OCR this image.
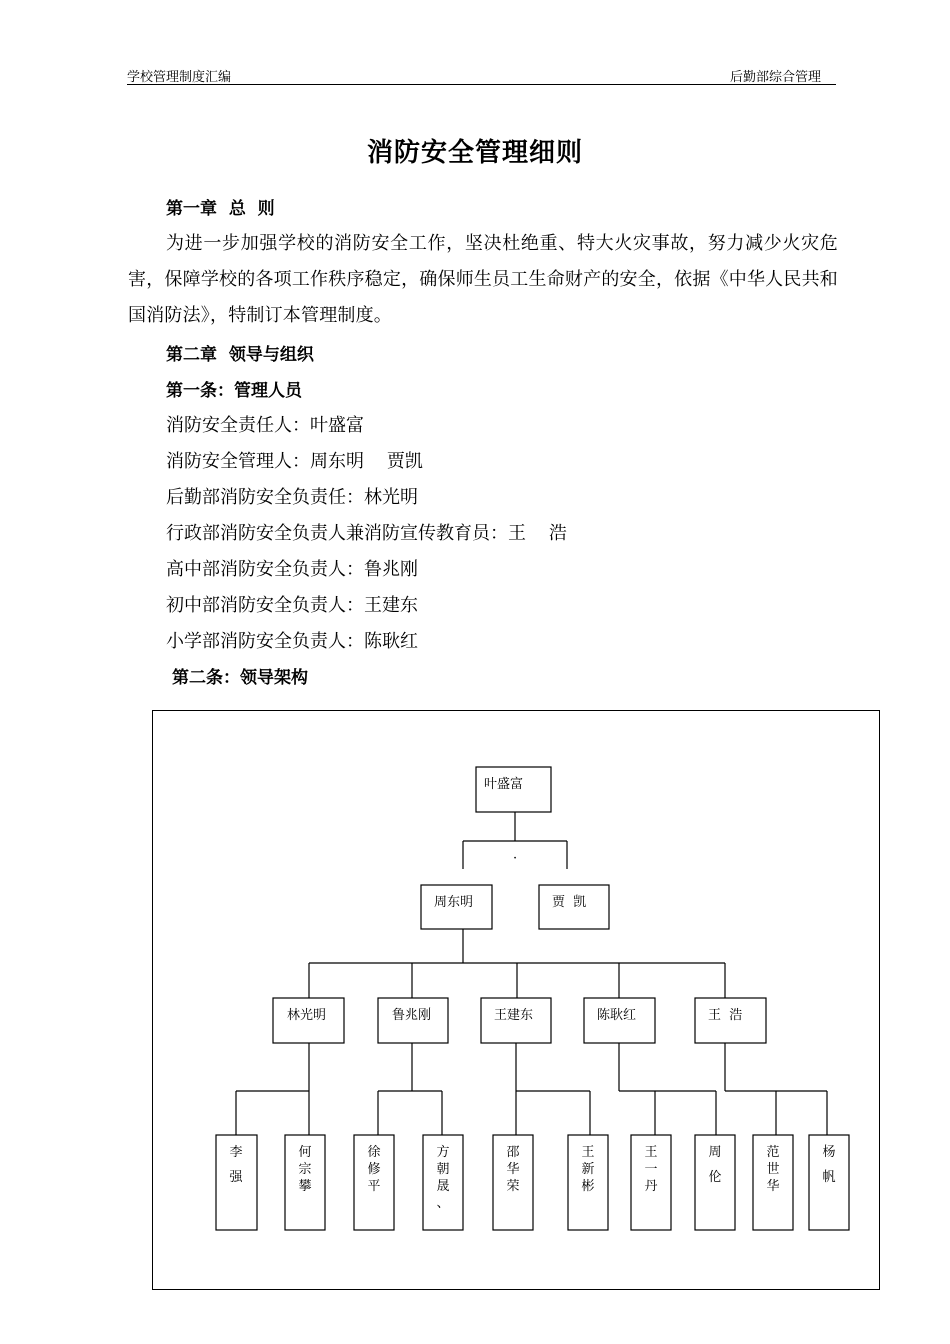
学校管理制度汇编	后勤部综合管理
消防安全管理细则
第一章  总  则
为进一步加强学校的消防安全工作，坚决杜绝重、特大火灾事故，努力减少火灾危害，保障学校的各项工作秩序稳定，确保师生员工生命财产的安全，依据《中华人民共和国消防法》，特制订本管理制度。
第二章  领导与组织
第一条：管理人员
消防安全责任人：叶盛富
消防安全管理人：周东明    贾凯
后勤部消防安全负责任：林光明
行政部消防安全负责人兼消防宣传教育员：王    浩
高中部消防安全负责人：鲁兆刚
初中部消防安全负责人：王建东
小学部消防安全负责人：陈耿红
第二条：领导架构
叶盛富
·
周东明	贾  凯
林光明	鲁兆刚	王建东	陈耿红	王  浩
李强
何宗攀
徐修平
方朝晟、
邵华荣
王新彬
王一丹
周伦
范世华
杨帆
